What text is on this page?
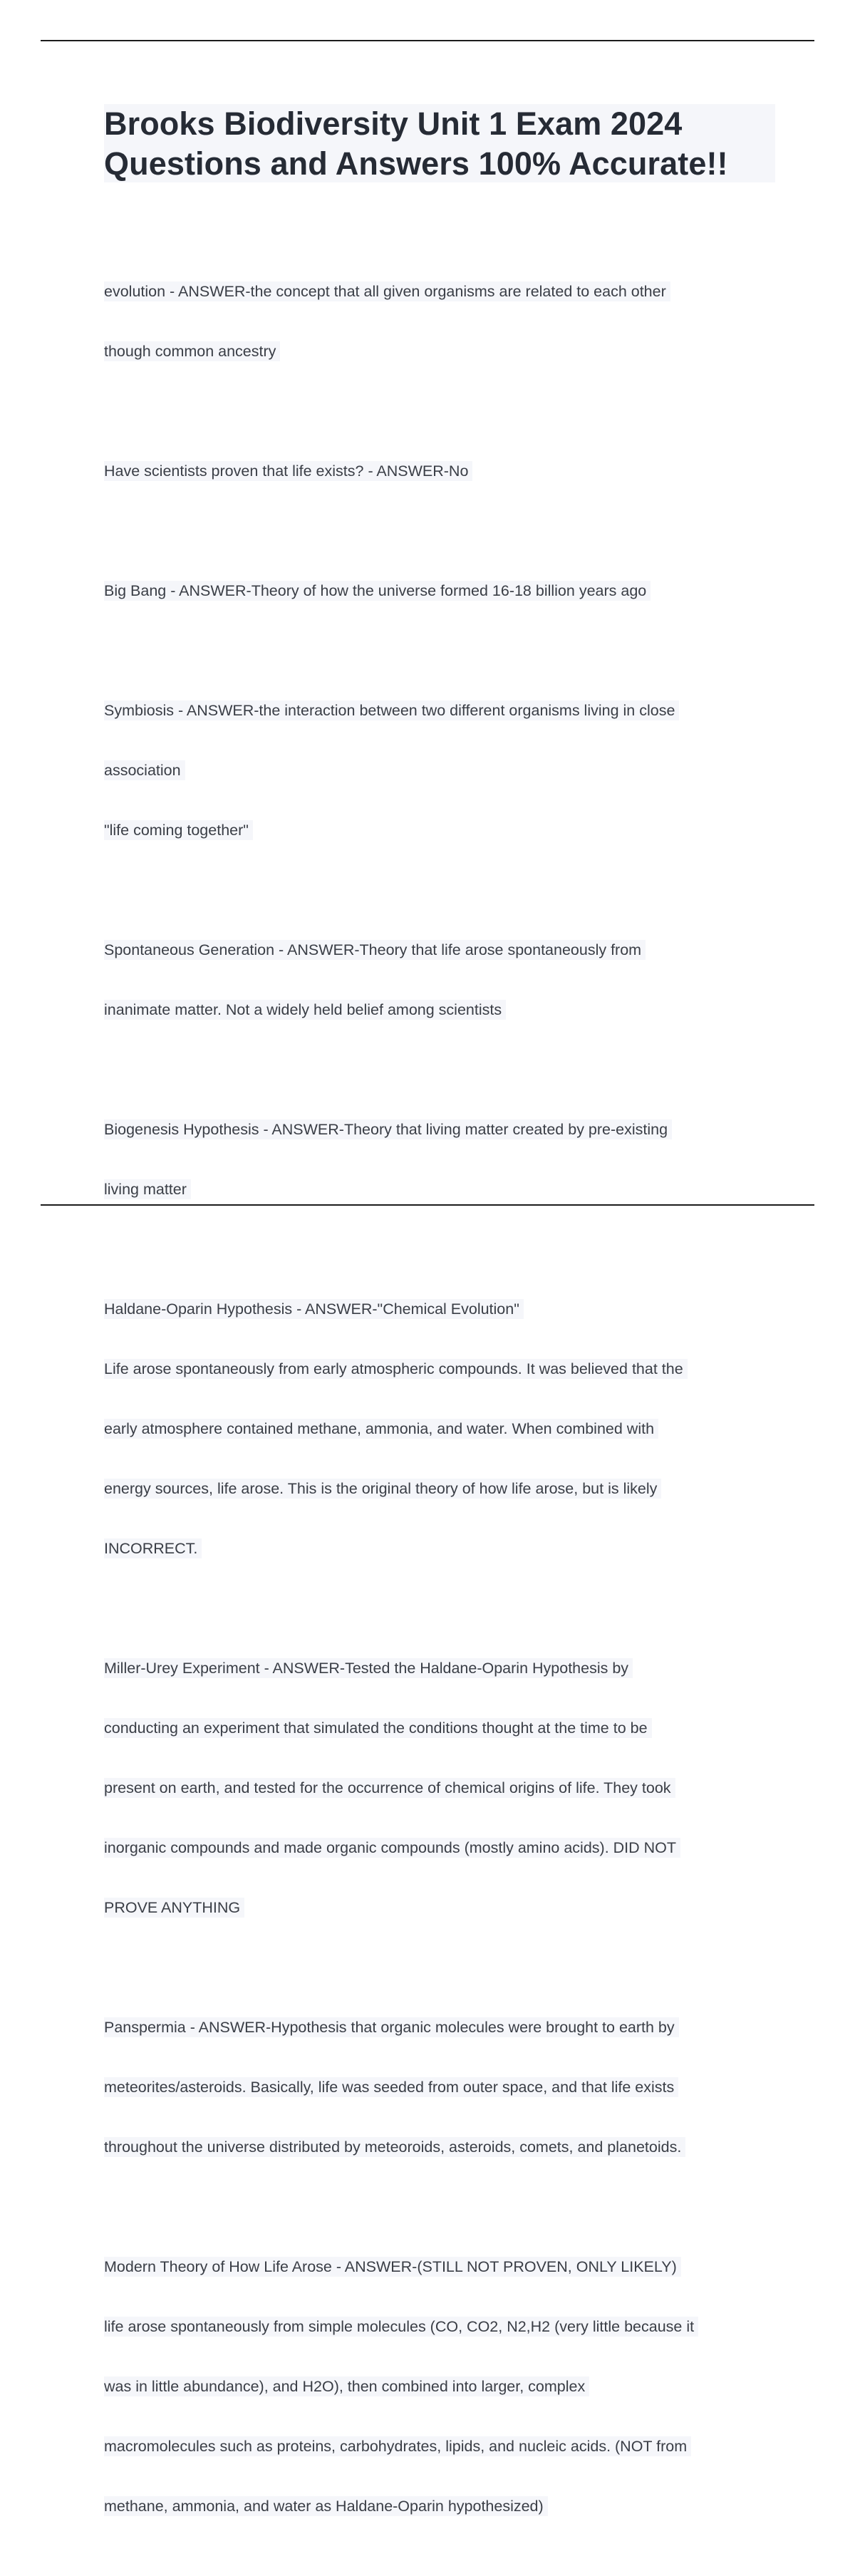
Brooks Biodiversity Unit 1 Exam 2024
Questions and Answers 100% Accurate!!

evolution - ANSWER-the concept that all given organisms are related to each other

though common ancestry

Have scientists proven that life exists? - ANSWER-No

Big Bang - ANSWER-Theory of how the universe formed 16-18 billion years ago

Symbiosis - ANSWER-the interaction between two different organisms living in close

association

"life coming together"

Spontaneous Generation - ANSWER-Theory that life arose spontaneously from

inanimate matter. Not a widely held belief among scientists

Biogenesis Hypothesis - ANSWER-Theory that living matter created by pre-existing

living matter

Haldane-Oparin Hypothesis - ANSWER-"Chemical Evolution"

Life arose spontaneously from early atmospheric compounds. It was believed that the

early atmosphere contained methane, ammonia, and water. When combined with

energy sources, life arose. This is the original theory of how life arose, but is likely

INCORRECT.

Miller-Urey Experiment - ANSWER-Tested the Haldane-Oparin Hypothesis by

conducting an experiment that simulated the conditions thought at the time to be

present on earth, and tested for the occurrence of chemical origins of life. They took

inorganic compounds and made organic compounds (mostly amino acids). DID NOT

PROVE ANYTHING

Panspermia - ANSWER-Hypothesis that organic molecules were brought to earth by

meteorites/asteroids. Basically, life was seeded from outer space, and that life exists

throughout the universe distributed by meteoroids, asteroids, comets, and planetoids.

Modern Theory of How Life Arose - ANSWER-(STILL NOT PROVEN, ONLY LIKELY)

life arose spontaneously from simple molecules (CO, CO2, N2,H2 (very little because it

was in little abundance), and H2O), then combined into larger, complex

macromolecules such as proteins, carbohydrates, lipids, and nucleic acids. (NOT from

methane, ammonia, and water as Haldane-Oparin hypothesized)
